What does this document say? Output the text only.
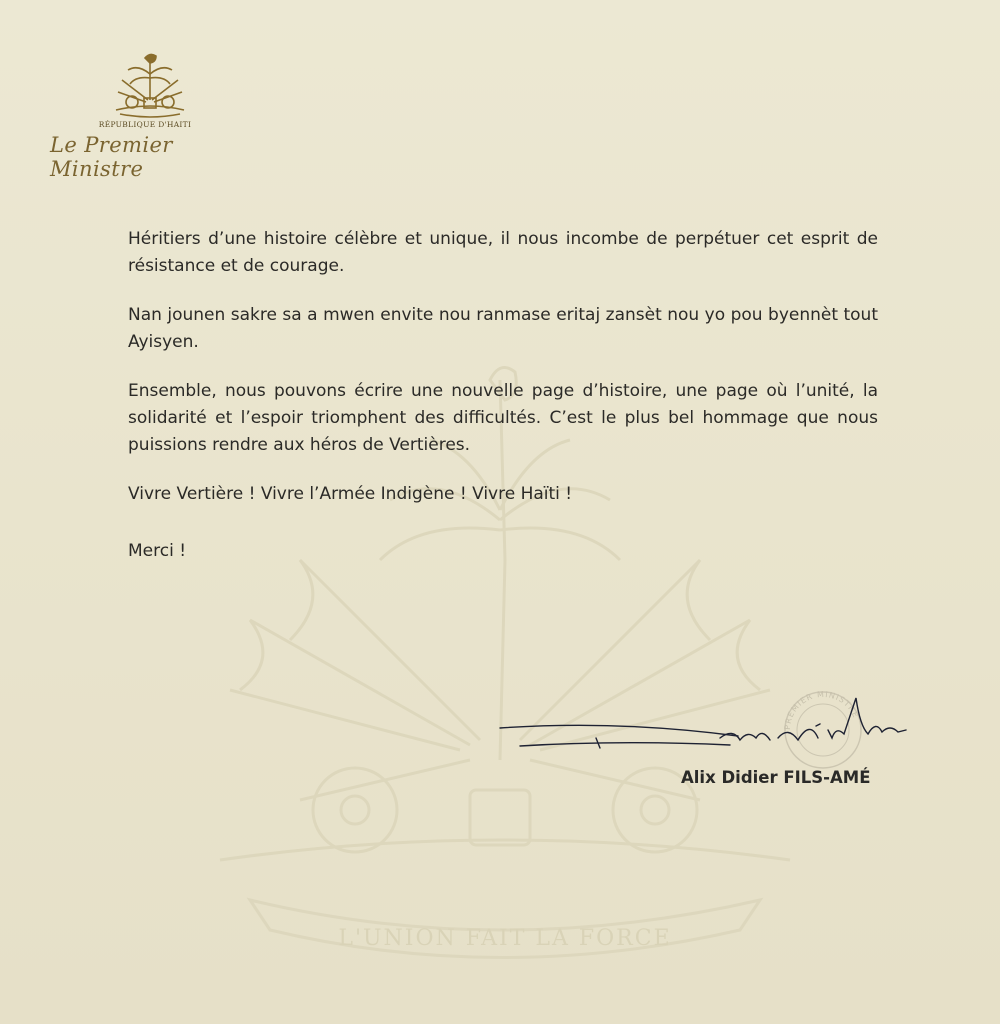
L'UNION FAIT LA FORCE
RÉPUBLIQUE D'HAITI
Le Premier Ministre

Héritiers d’une histoire célèbre et unique, il nous incombe de perpétuer cet esprit de résistance et de courage.

Nan jounen sakre sa a mwen envite nou ranmase eritaj zansèt nou yo pou byennèt tout Ayisyen.

Ensemble, nous pouvons écrire une nouvelle page d’histoire, une page où l’unité, la solidarité et l’espoir triomphent des difficultés. C’est le plus bel hommage que nous puissions rendre aux héros de Vertières.

Vivre Vertière ! Vivre l’Armée Indigène ! Vivre Haïti !

Merci !

PREMIER MINISTRE
Alix Didier FILS-AMÉ
